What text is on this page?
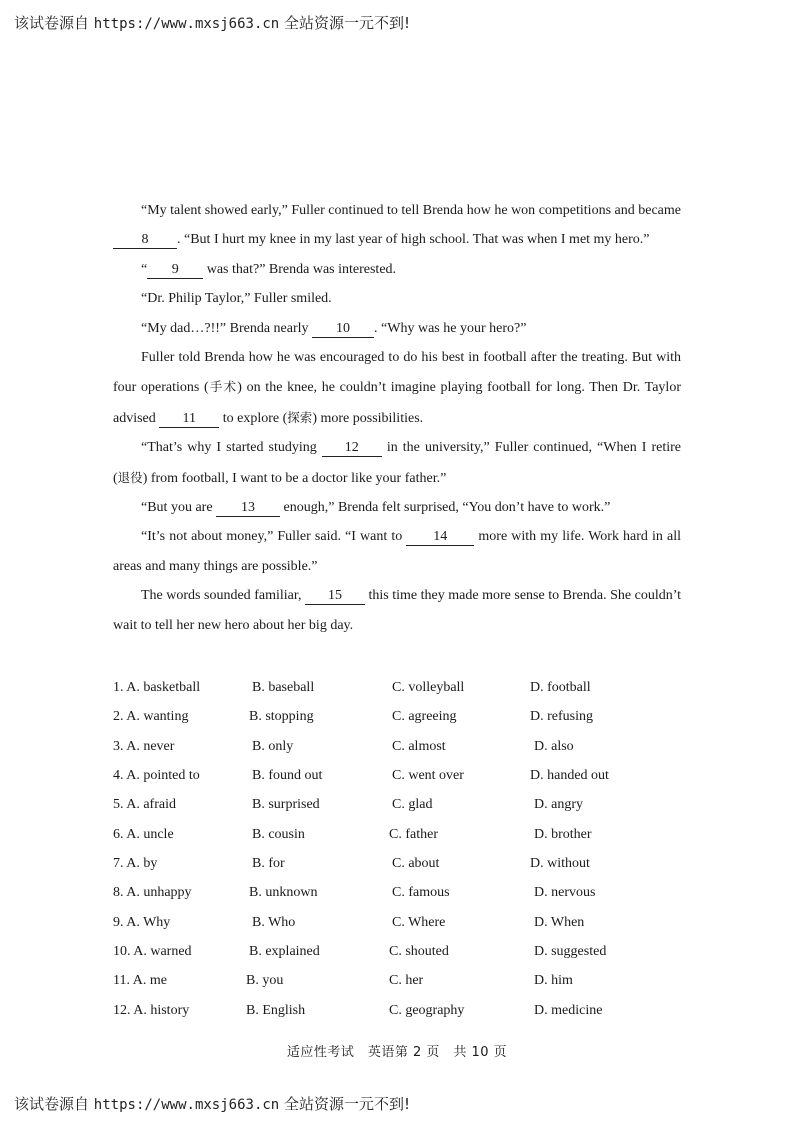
该试卷源自 https://www.mxsj663.cn 全站资源一元不到!

“My talent showed early,” Fuller continued to tell Brenda how he won competitions and became 8 . “But I hurt my knee in my last year of high school. That was when I met my hero.”

“ 9 was that?” Brenda was interested.

“Dr. Philip Taylor,” Fuller smiled.

“My dad…?!!” Brenda nearly 10 . “Why was he your hero?”

Fuller told Brenda how he was encouraged to do his best in football after the treating. But with four operations (手术) on the knee, he couldn’t imagine playing football for long. Then Dr. Taylor advised 11 to explore (探索) more possibilities.

“That’s why I started studying 12 in the university,” Fuller continued, “When I retire (退役) from football, I want to be a doctor like your father.”

“But you are 13 enough,” Brenda felt surprised, “You don’t have to work.”

“It’s not about money,” Fuller said. “I want to 14 more with my life. Work hard in all areas and many things are possible.”

The words sounded familiar, 15 this time they made more sense to Brenda. She couldn’t wait to tell her new hero about her big day.

1. A. basketball	B. baseball	C. volleyball	D. football
2. A. wanting	B. stopping	C. agreeing	D. refusing
3. A. never	B. only	C. almost	D. also
4. A. pointed to	B. found out	C. went over	D. handed out
5. A. afraid	B. surprised	C. glad	D. angry
6. A. uncle	B. cousin	C. father	D. brother
7. A. by	B. for	C. about	D. without
8. A. unhappy	B. unknown	C. famous	D. nervous
9. A. Why	B. Who	C. Where	D. When
10. A. warned	B. explained	C. shouted	D. suggested
11. A. me	B. you	C. her	D. him
12. A. history	B. English	C. geography	D. medicine
适应性考试　英语第 2 页　共 10 页
该试卷源自 https://www.mxsj663.cn 全站资源一元不到!
